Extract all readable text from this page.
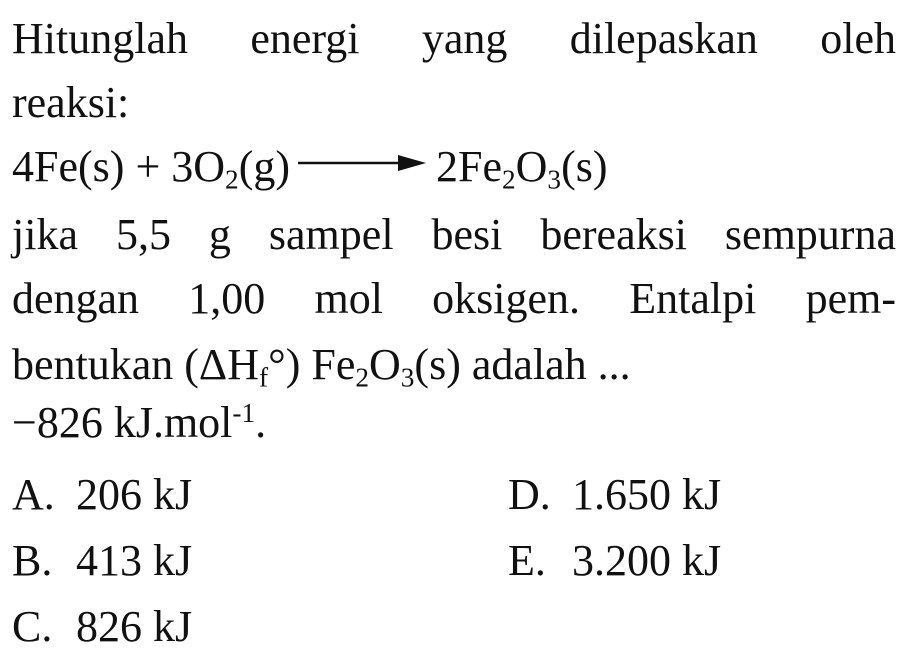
Hitunglah energi yang dilepaskan oleh
reaksi:
$4Fe(s) + 3O_2(g) \to 2Fe_2O_3(s)$
jika 5,5 g sampel besi bereaksi sempurna
dengan 1,00 mol oksigen. Entalpi pem-
bentukan $(\Delta H_f^\circ)$ $Fe_2O_3(s)$ adalah ...
−826 kJ.mol$^{-1}$.
A. 206 kJ
B. 413 kJ
C. 826 kJ
D. 1.650 kJ
E. 3.200 kJ
